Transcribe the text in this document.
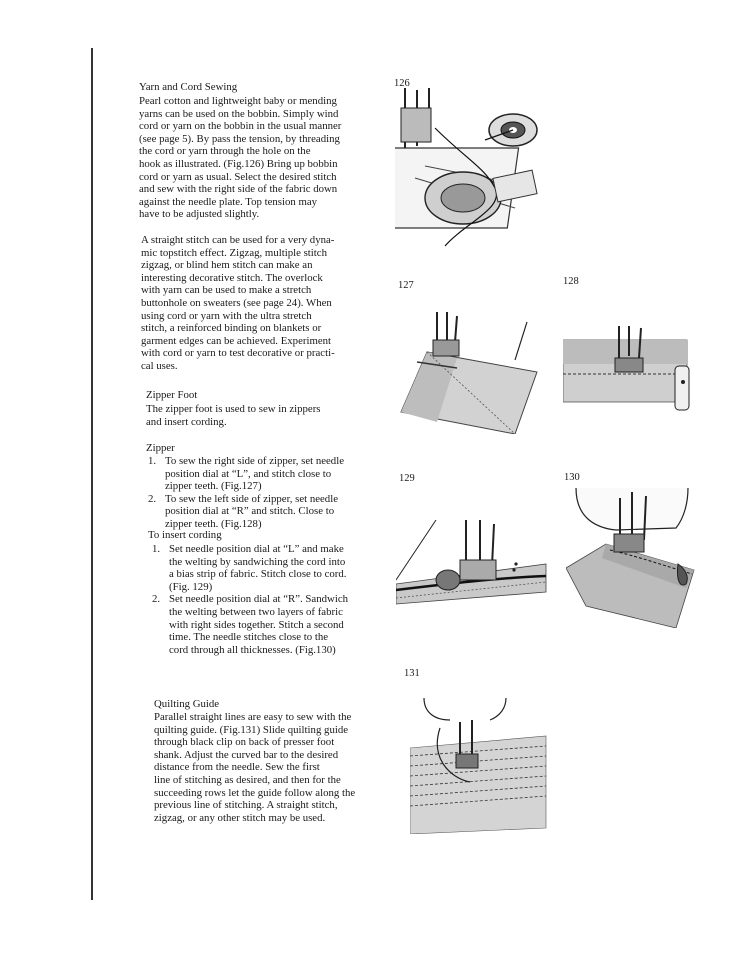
Yarn and Cord Sewing

Pearl cotton and lightweight baby or mending
yarns can be used on the bobbin. Simply wind
cord or yarn on the bobbin in the usual manner
(see page 5). By pass the tension, by threading
the cord or yarn through the hole on the
hook as illustrated. (Fig.126) Bring up bobbin
cord or yarn as usual. Select the desired stitch
and sew with the right side of the fabric down
against the needle plate. Top tension may
have to be adjusted slightly.
A straight stitch can be used for a very dyna-
mic topstitch effect. Zigzag, multiple stitch
zigzag, or blind hem stitch can make an
interesting decorative stitch. The overlock
with yarn can be used to make a stretch
buttonhole on sweaters (see page 24). When
using cord or yarn with the ultra stretch
stitch, a reinforced binding on blankets or
garment edges can be achieved. Experiment
with cord or yarn to test decorative or practi-
cal uses.

Zipper Foot

The zipper foot is used to sew in zippers
and insert cording.

Zipper

1. To sew the right side of zipper, set needle
position dial at “L”, and stitch close to
zipper teeth. (Fig.127)
2. To sew the left side of zipper, set needle
position dial at “R” and stitch. Close to
zipper teeth. (Fig.128)

To insert cording

1. Set needle position dial at “L” and make
the welting by sandwiching the cord into
a bias strip of fabric. Stitch close to cord.
(Fig. 129)
2. Set needle position dial at “R”. Sandwich
the welting between two layers of fabric
with right sides together. Stitch a second
time. The needle stitches close to the
cord through all thicknesses. (Fig.130)

Quilting Guide

Parallel straight lines are easy to sew with the
quilting guide. (Fig.131) Slide quilting guide
through black clip on back of presser foot
shank. Adjust the curved bar to the desired
distance from the needle. Sew the first
line of stitching as desired, and then for the
succeeding rows let the guide follow along the
previous line of stitching. A straight stitch,
zigzag, or any other stitch may be used.
126
127	128
129	130
131
